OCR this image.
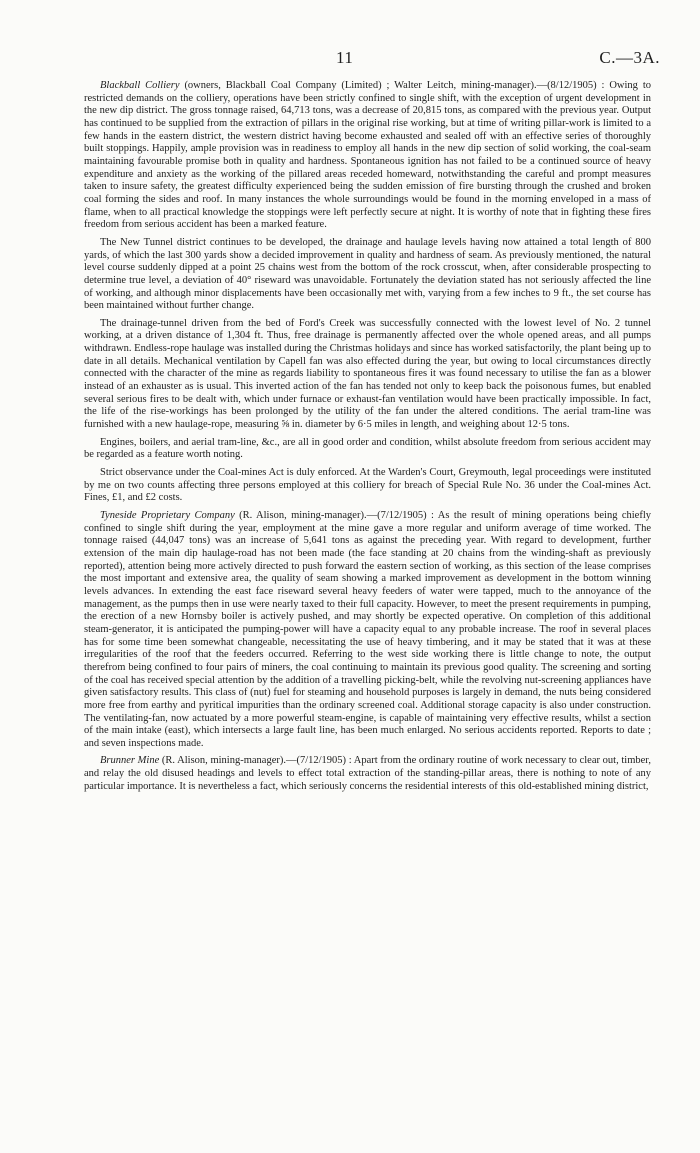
11	C.—3A.

Blackball Colliery (owners, Blackball Coal Company (Limited) ; Walter Leitch, mining-manager).—(8/12/1905) : Owing to restricted demands on the colliery, operations have been strictly confined to single shift, with the exception of urgent development in the new dip district. The gross tonnage raised, 64,713 tons, was a decrease of 20,815 tons, as compared with the previous year. Output has continued to be supplied from the extraction of pillars in the original rise working, but at time of writing pillar-work is limited to a few hands in the eastern district, the western district having become exhausted and sealed off with an effective series of thoroughly built stoppings. Happily, ample provision was in readiness to employ all hands in the new dip section of solid working, the coal-seam maintaining favourable promise both in quality and hardness. Spontaneous ignition has not failed to be a continued source of heavy expenditure and anxiety as the working of the pillared areas receded homeward, notwithstanding the careful and prompt measures taken to insure safety, the greatest difficulty experienced being the sudden emission of fire bursting through the crushed and broken coal forming the sides and roof. In many instances the whole surroundings would be found in the morning enveloped in a mass of flame, when to all practical knowledge the stoppings were left perfectly secure at night. It is worthy of note that in fighting these fires freedom from serious accident has been a marked feature.

The New Tunnel district continues to be developed, the drainage and haulage levels having now attained a total length of 800 yards, of which the last 300 yards show a decided improvement in quality and hardness of seam. As previously mentioned, the natural level course suddenly dipped at a point 25 chains west from the bottom of the rock crosscut, when, after considerable prospecting to determine true level, a deviation of 40° riseward was unavoidable. Fortunately the deviation stated has not seriously affected the line of working, and although minor displacements have been occasionally met with, varying from a few inches to 9 ft., the set course has been maintained without further change.

The drainage-tunnel driven from the bed of Ford's Creek was successfully connected with the lowest level of No. 2 tunnel working, at a driven distance of 1,304 ft. Thus, free drainage is permanently affected over the whole opened areas, and all pumps withdrawn. Endless-rope haulage was installed during the Christmas holidays and since has worked satisfactorily, the plant being up to date in all details. Mechanical ventilation by Capell fan was also effected during the year, but owing to local circumstances directly connected with the character of the mine as regards liability to spontaneous fires it was found necessary to utilise the fan as a blower instead of an exhauster as is usual. This inverted action of the fan has tended not only to keep back the poisonous fumes, but enabled several serious fires to be dealt with, which under furnace or exhaust-fan ventilation would have been practically impossible. In fact, the life of the rise-workings has been prolonged by the utility of the fan under the altered conditions. The aerial tram-line was furnished with a new haulage-rope, measuring ⅝ in. diameter by 6·5 miles in length, and weighing about 12·5 tons.

Engines, boilers, and aerial tram-line, &c., are all in good order and condition, whilst absolute freedom from serious accident may be regarded as a feature worth noting.

Strict observance under the Coal-mines Act is duly enforced. At the Warden's Court, Greymouth, legal proceedings were instituted by me on two counts affecting three persons employed at this colliery for breach of Special Rule No. 36 under the Coal-mines Act. Fines, £1, and £2 costs.

Tyneside Proprietary Company (R. Alison, mining-manager).—(7/12/1905) : As the result of mining operations being chiefly confined to single shift during the year, employment at the mine gave a more regular and uniform average of time worked. The tonnage raised (44,047 tons) was an increase of 5,641 tons as against the preceding year. With regard to development, further extension of the main dip haulage-road has not been made (the face standing at 20 chains from the winding-shaft as previously reported), attention being more actively directed to push forward the eastern section of working, as this section of the lease comprises the most important and extensive area, the quality of seam showing a marked improvement as development in the bottom winning levels advances. In extending the east face riseward several heavy feeders of water were tapped, much to the annoyance of the management, as the pumps then in use were nearly taxed to their full capacity. However, to meet the present requirements in pumping, the erection of a new Hornsby boiler is actively pushed, and may shortly be expected operative. On completion of this additional steam-generator, it is anticipated the pumping-power will have a capacity equal to any probable increase. The roof in several places has for some time been somewhat changeable, necessitating the use of heavy timbering, and it may be stated that it was at these irregularities of the roof that the feeders occurred. Referring to the west side working there is little change to note, the output therefrom being confined to four pairs of miners, the coal continuing to maintain its previous good quality. The screening and sorting of the coal has received special attention by the addition of a travelling picking-belt, while the revolving nut-screening appliances have given satisfactory results. This class of (nut) fuel for steaming and household purposes is largely in demand, the nuts being considered more free from earthy and pyritical impurities than the ordinary screened coal. Additional storage capacity is also under construction. The ventilating-fan, now actuated by a more powerful steam-engine, is capable of maintaining very effective results, whilst a section of the main intake (east), which intersects a large fault line, has been much enlarged. No serious accidents reported. Reports to date ; and seven inspections made.

Brunner Mine (R. Alison, mining-manager).—(7/12/1905) : Apart from the ordinary routine of work necessary to clear out, timber, and relay the old disused headings and levels to effect total extraction of the standing-pillar areas, there is nothing to note of any particular importance. It is nevertheless a fact, which seriously concerns the residential interests of this old-established mining district,
